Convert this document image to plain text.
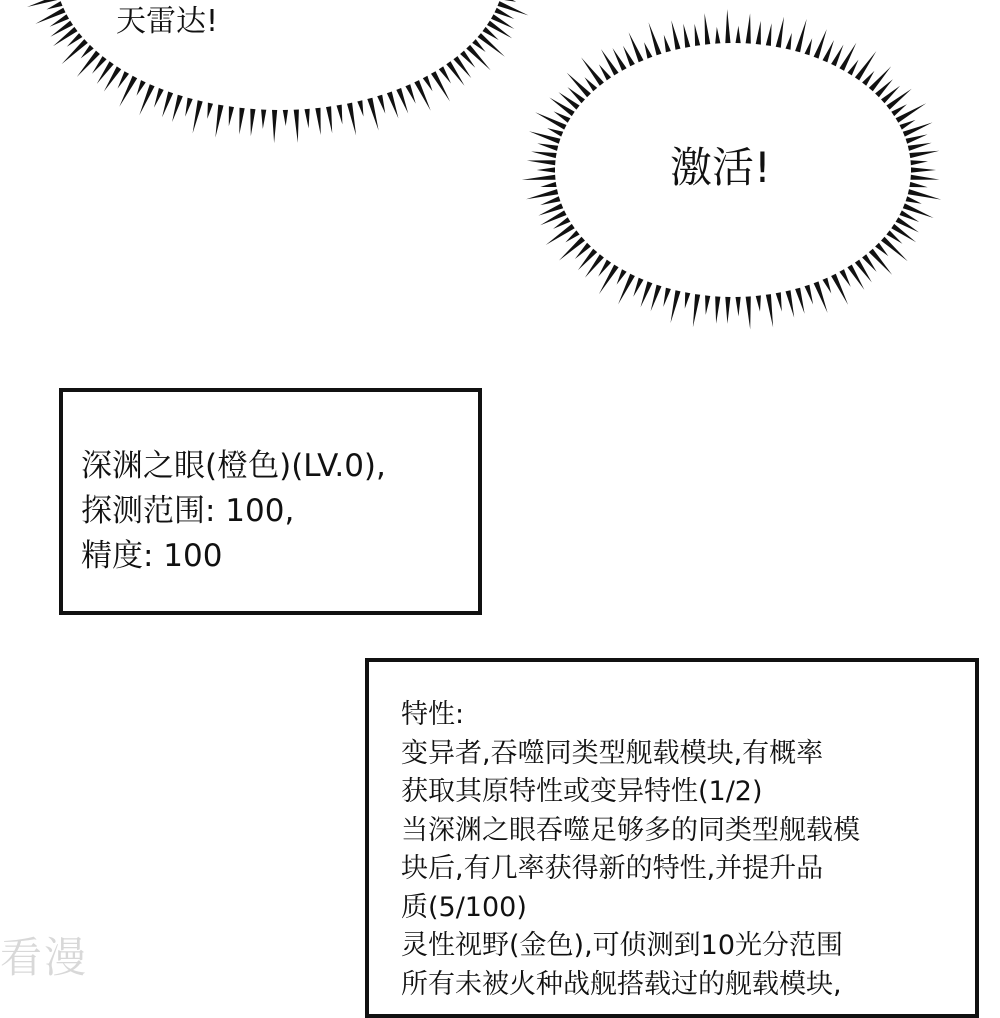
天雷达!
激活!
深渊之眼(橙色)(LV.0),
探测范围: 100,
精度: 100
特性:
变异者,吞噬同类型舰载模块,有概率
获取其原特性或变异特性(1/2)
当深渊之眼吞噬足够多的同类型舰载模
块后,有几率获得新的特性,并提升品
质(5/100)
灵性视野(金色),可侦测到10光分范围
所有未被火种战舰搭载过的舰载模块,
看漫
